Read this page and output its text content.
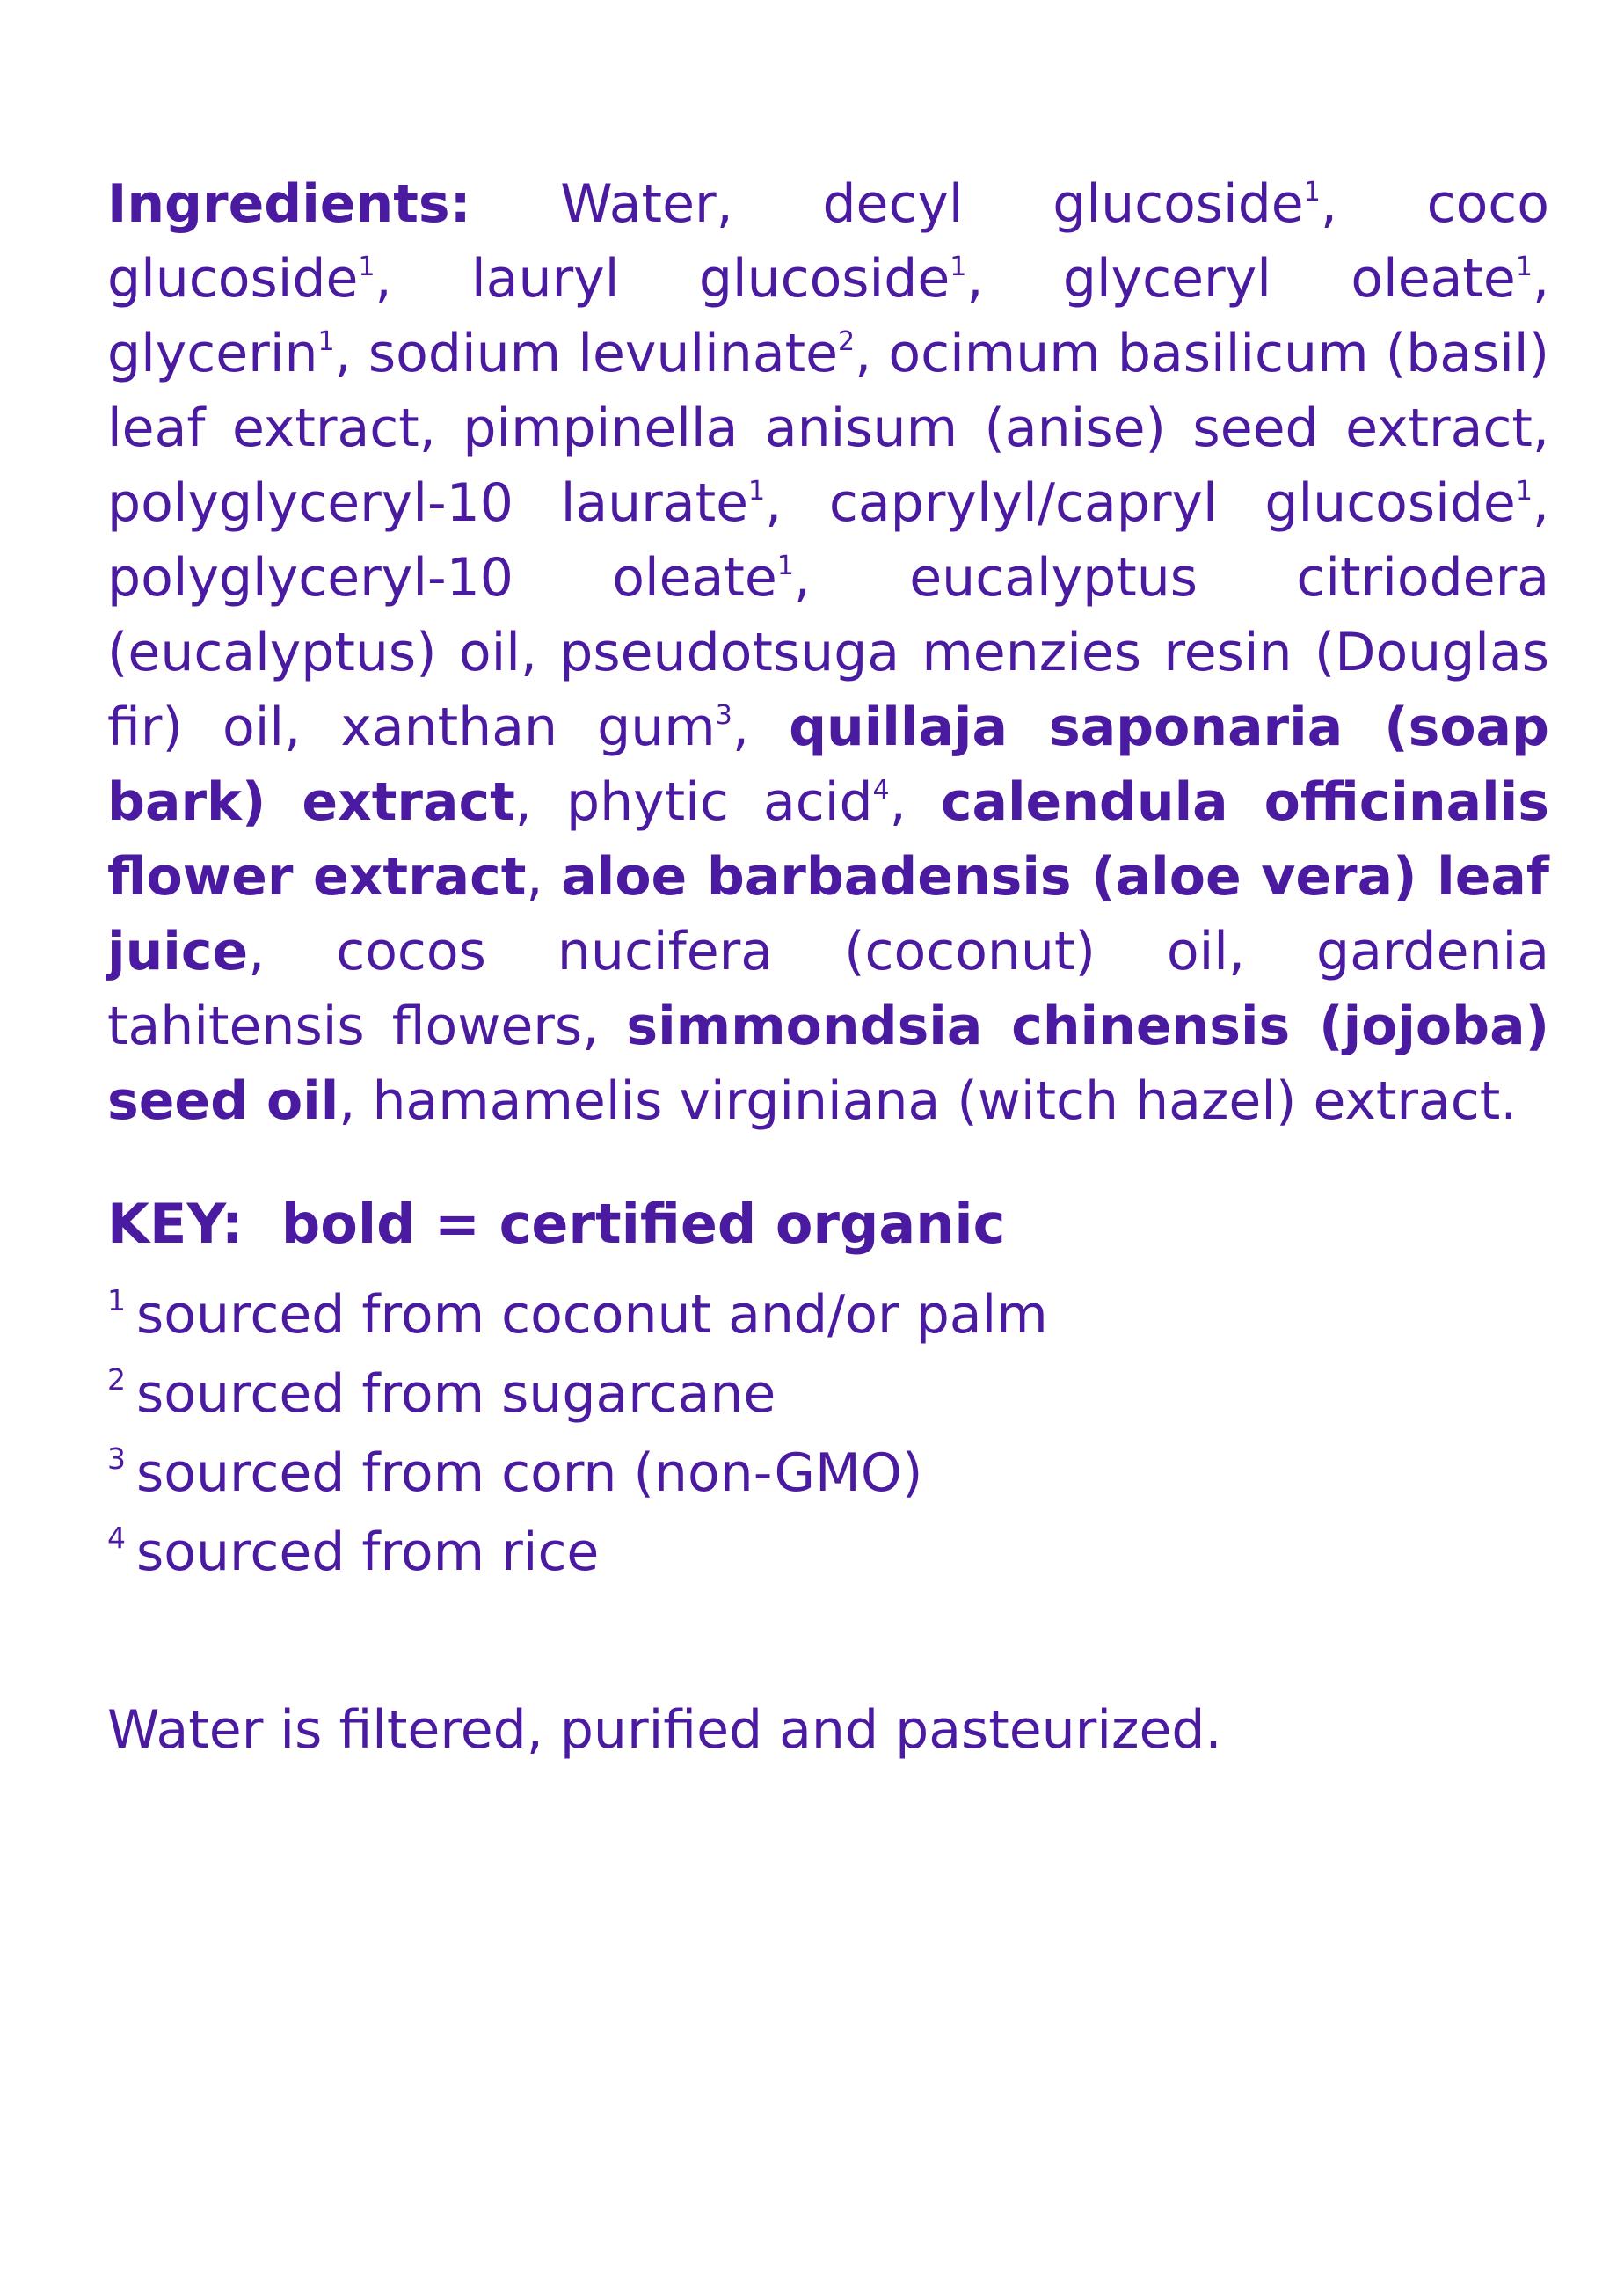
Ingredients: Water, decyl glucoside$^1$, coco glucoside$^1$, lauryl glucoside$^1$, glyceryl oleate$^1$, glycerin$^1$, sodium levulinate$^2$, ocimum basilicum (basil) leaf extract, pimpinella anisum (anise) seed extract, polyglyceryl-10 laurate$^1$, caprylyl/capryl glucoside$^1$, polyglyceryl-10 oleate$^1$, eucalyptus citriodera (eucalyptus) oil, pseudotsuga menzies resin (Douglas fir) oil, xanthan gum$^3$, quillaja saponaria (soap bark) extract, phytic acid$^4$, calendula officinalis flower extract, aloe barbadensis (aloe vera) leaf juice, cocos nucifera (coconut) oil, gardenia tahitensis flowers, simmondsia chinensis (jojoba) seed oil, hamamelis virginiana (witch hazel) extract.

KEY:  bold = certified organic

$^1$ sourced from coconut and/or palm
$^2$ sourced from sugarcane
$^3$ sourced from corn (non-GMO)
$^4$ sourced from rice

Water is filtered, purified and pasteurized.
